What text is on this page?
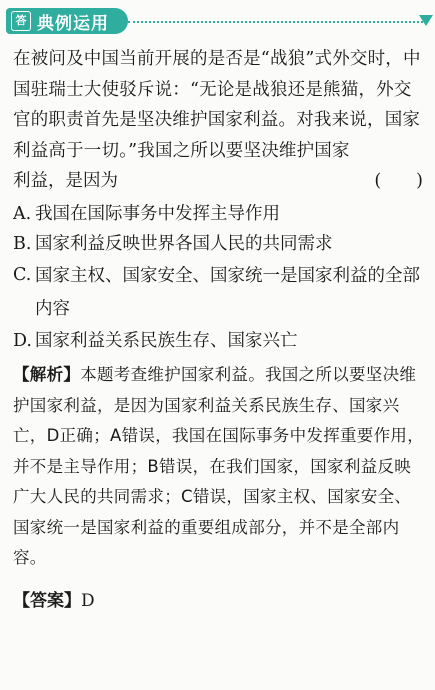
答 典例运用

在被问及中国当前开展的是否是“战狼”式外交时，中国驻瑞士大使驳斥说：“无论是战狼还是熊猫，外交官的职责首先是坚决维护国家利益。对我来说，国家利益高于一切。”我国之所以要坚决维护国家

利益，是因为	(　　)
A. 我国在国际事务中发挥主导作用
B. 国家利益反映世界各国人民的共同需求
C. 国家主权、国家安全、国家统一是国家利益的全部内容
D. 国家利益关系民族生存、国家兴亡

【解析】本题考查维护国家利益。我国之所以要坚决维护国家利益，是因为国家利益关系民族生存、国家兴亡，D正确；A错误，我国在国际事务中发挥重要作用，并不是主导作用；B错误，在我们国家，国家利益反映广大人民的共同需求；C错误，国家主权、国家安全、国家统一是国家利益的重要组成部分，并不是全部内容。

【答案】D
